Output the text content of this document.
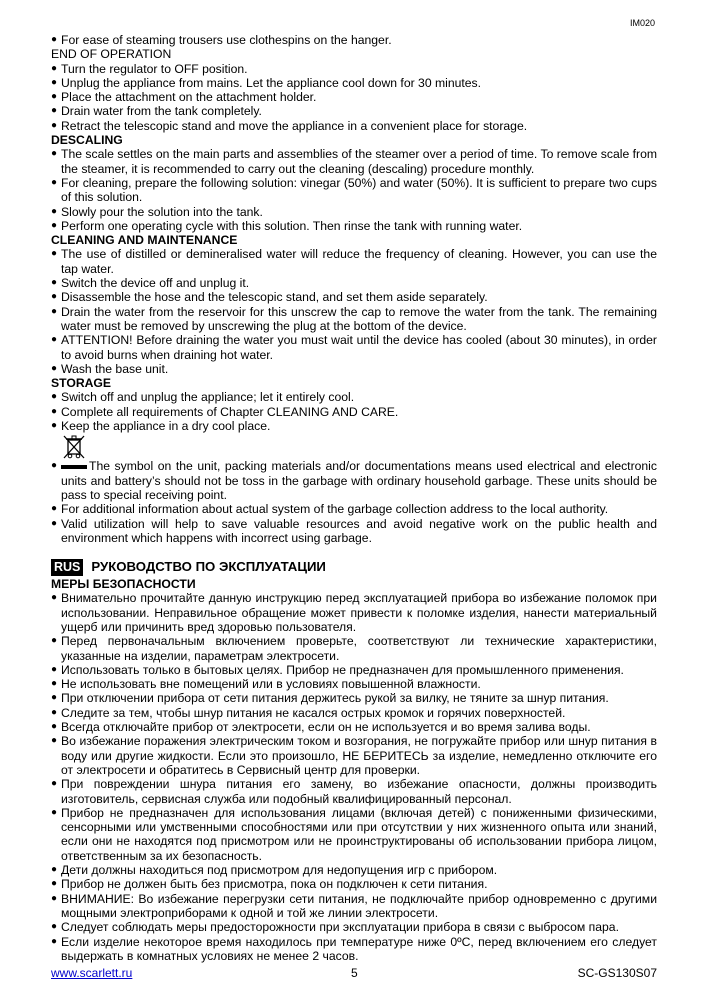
IM020
● For ease of steaming trousers use clothespins on the hanger.
END OF OPERATION
● Turn the regulator to OFF position.
● Unplug the appliance from mains. Let the appliance cool down for 30 minutes.
● Place the attachment on the attachment holder.
● Drain water from the tank completely.
● Retract the telescopic stand and move the appliance in a convenient place for storage.
DESCALING
● The scale settles on the main parts and assemblies of the steamer over a period of time. To remove scale from the steamer, it is recommended to carry out the cleaning (descaling) procedure monthly.
● For cleaning, prepare the following solution: vinegar (50%) and water (50%). It is sufficient to prepare two cups of this solution.
● Slowly pour the solution into the tank.
● Perform one operating cycle with this solution. Then rinse the tank with running water.
CLEANING AND MAINTENANCE
● The use of distilled or demineralised water will reduce the frequency of cleaning. However, you can use the tap water.
● Switch the device off and unplug it.
● Disassemble the hose and the telescopic stand, and set them aside separately.
● Drain the water from the reservoir for this unscrew the cap to remove the water from the tank. The remaining water must be removed by unscrewing the plug at the bottom of the device.
● ATTENTION! Before draining the water you must wait until the device has cooled (about 30 minutes), in order to avoid burns when draining hot water.
● Wash the base unit.
STORAGE
● Switch off and unplug the appliance; let it entirely cool.
● Complete all requirements of Chapter CLEANING AND CARE.
● Keep the appliance in a dry cool place.
●	The symbol on the unit, packing materials and/or documentations means used electrical and electronic units and battery’s should not be toss in the garbage with ordinary household garbage. These units should be pass to special receiving point.
● For additional information about actual system of the garbage collection address to the local authority.
● Valid utilization will help to save valuable resources and avoid negative work on the public health and environment which happens with incorrect using garbage.
RUS РУКОВОДСТВО ПО ЭКСПЛУАТАЦИИ
МЕРЫ БЕЗОПАСНОСТИ
● Внимательно прочитайте данную инструкцию перед эксплуатацией прибора во избежание поломок при использовании. Неправильное обращение может привести к поломке изделия, нанести материальный ущерб или причинить вред здоровью пользователя.
● Перед первоначальным включением проверьте, соответствуют ли технические характеристики, указанные на изделии, параметрам электросети.
● Использовать только в бытовых целях. Прибор не предназначен для промышленного применения.
● Не использовать вне помещений или в условиях повышенной влажности.
● При отключении прибора от сети питания держитесь рукой за вилку, не тяните за шнур питания.
● Следите за тем, чтобы шнур питания не касался острых кромок и горячих поверхностей.
● Всегда отключайте прибор от электросети, если он не используется и во время залива воды.
● Во избежание поражения электрическим током и возгорания, не погружайте прибор или шнур питания в воду или другие жидкости. Если это произошло, НЕ БЕРИТЕСЬ за изделие, немедленно отключите его от электросети и обратитесь в Сервисный центр для проверки.
● При повреждении шнура питания его замену, во избежание опасности, должны производить изготовитель, сервисная служба или подобный квалифицированный персонал.
● Прибор не предназначен для использования лицами (включая детей) с пониженными физическими, сенсорными или умственными способностями или при отсутствии у них жизненного опыта или знаний, если они не находятся под присмотром или не проинструктированы об использовании прибора лицом, ответственным за их безопасность.
● Дети должны находиться под присмотром для недопущения игр с прибором.
● Прибор не должен быть без присмотра, пока он подключен к сети питания.
● ВНИМАНИЕ: Во избежание перегрузки сети питания, не подключайте прибор одновременно с другими мощными электроприборами к одной и той же линии электросети.
● Следует соблюдать меры предосторожности при эксплуатации прибора в связи с выбросом пара.
● Если изделие некоторое время находилось при температуре ниже 0ºC, перед включением его следует выдержать в комнатных условиях не менее 2 часов.
www.scarlett.ru	5	SC-GS130S07
